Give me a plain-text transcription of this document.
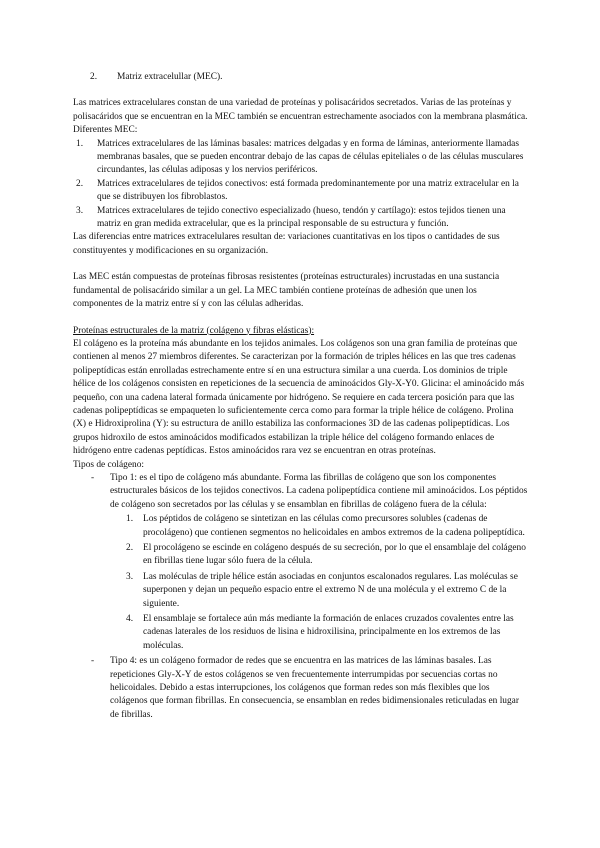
2. Matriz extracelullar (MEC).

Las matrices extracelulares constan de una variedad de proteínas y polisacáridos secretados. Varias de las proteínas y polisacáridos que se encuentran en la MEC también se encuentran estrechamente asociados con la membrana plasmática. Diferentes MEC:

1. Matrices extracelulares de las láminas basales: matrices delgadas y en forma de láminas, anteriormente llamadas membranas basales, que se pueden encontrar debajo de las capas de células epiteliales o de las células musculares circundantes, las células adiposas y los nervios periféricos.

2. Matrices extracelulares de tejidos conectivos: está formada predominantemente por una matriz extracelular en la que se distribuyen los fibroblastos.

3. Matrices extracelulares de tejido conectivo especializado (hueso, tendón y cartílago): estos tejidos tienen una matriz en gran medida extracelular, que es la principal responsable de su estructura y función.

Las diferencias entre matrices extracelulares resultan de: variaciones cuantitativas en los tipos o cantidades de sus constituyentes y modificaciones en su organización.

Las MEC están compuestas de proteínas fibrosas resistentes (proteínas estructurales) incrustadas en una sustancia fundamental de polisacárido similar a un gel. La MEC también contiene proteínas de adhesión que unen los componentes de la matriz entre sí y con las células adheridas.

Proteínas estructurales de la matriz (colágeno y fibras elásticas):

El colágeno es la proteína más abundante en los tejidos animales. Los colágenos son una gran familia de proteínas que contienen al menos 27 miembros diferentes. Se caracterizan por la formación de triples hélices en las que tres cadenas polipeptídicas están enrolladas estrechamente entre sí en una estructura similar a una cuerda. Los dominios de triple hélice de los colágenos consisten en repeticiones de la secuencia de aminoácidos Gly-X-Y0. Glicina: el aminoácido más pequeño, con una cadena lateral formada únicamente por hidrógeno. Se requiere en cada tercera posición para que las cadenas polipeptídicas se empaqueten lo suficientemente cerca como para formar la triple hélice de colágeno. Prolina (X) e Hidroxiprolina (Y): su estructura de anillo estabiliza las conformaciones 3D de las cadenas polipeptídicas. Los grupos hidroxilo de estos aminoácidos modificados estabilizan la triple hélice del colágeno formando enlaces de hidrógeno entre cadenas peptídicas. Estos aminoácidos rara vez se encuentran en otras proteínas.

Tipos de colágeno:

- Tipo 1: es el tipo de colágeno más abundante. Forma las fibrillas de colágeno que son los componentes estructurales básicos de los tejidos conectivos. La cadena polipeptídica contiene mil aminoácidos. Los péptidos de colágeno son secretados por las células y se ensamblan en fibrillas de colágeno fuera de la célula:

1. Los péptidos de colágeno se sintetizan en las células como precursores solubles (cadenas de procolágeno) que contienen segmentos no helicoidales en ambos extremos de la cadena polipeptídica.

2. El procolágeno se escinde en colágeno después de su secreción, por lo que el ensamblaje del colágeno en fibrillas tiene lugar sólo fuera de la célula.

3. Las moléculas de triple hélice están asociadas en conjuntos escalonados regulares. Las moléculas se superponen y dejan un pequeño espacio entre el extremo N de una molécula y el extremo C de la siguiente.

4. El ensamblaje se fortalece aún más mediante la formación de enlaces cruzados covalentes entre las cadenas laterales de los residuos de lisina e hidroxilisina, principalmente en los extremos de las moléculas.

- Tipo 4: es un colágeno formador de redes que se encuentra en las matrices de las láminas basales. Las repeticiones Gly-X-Y de estos colágenos se ven frecuentemente interrumpidas por secuencias cortas no helicoidales. Debido a estas interrupciones, los colágenos que forman redes son más flexibles que los colágenos que forman fibrillas. En consecuencia, se ensamblan en redes bidimensionales reticuladas en lugar de fibrillas.
